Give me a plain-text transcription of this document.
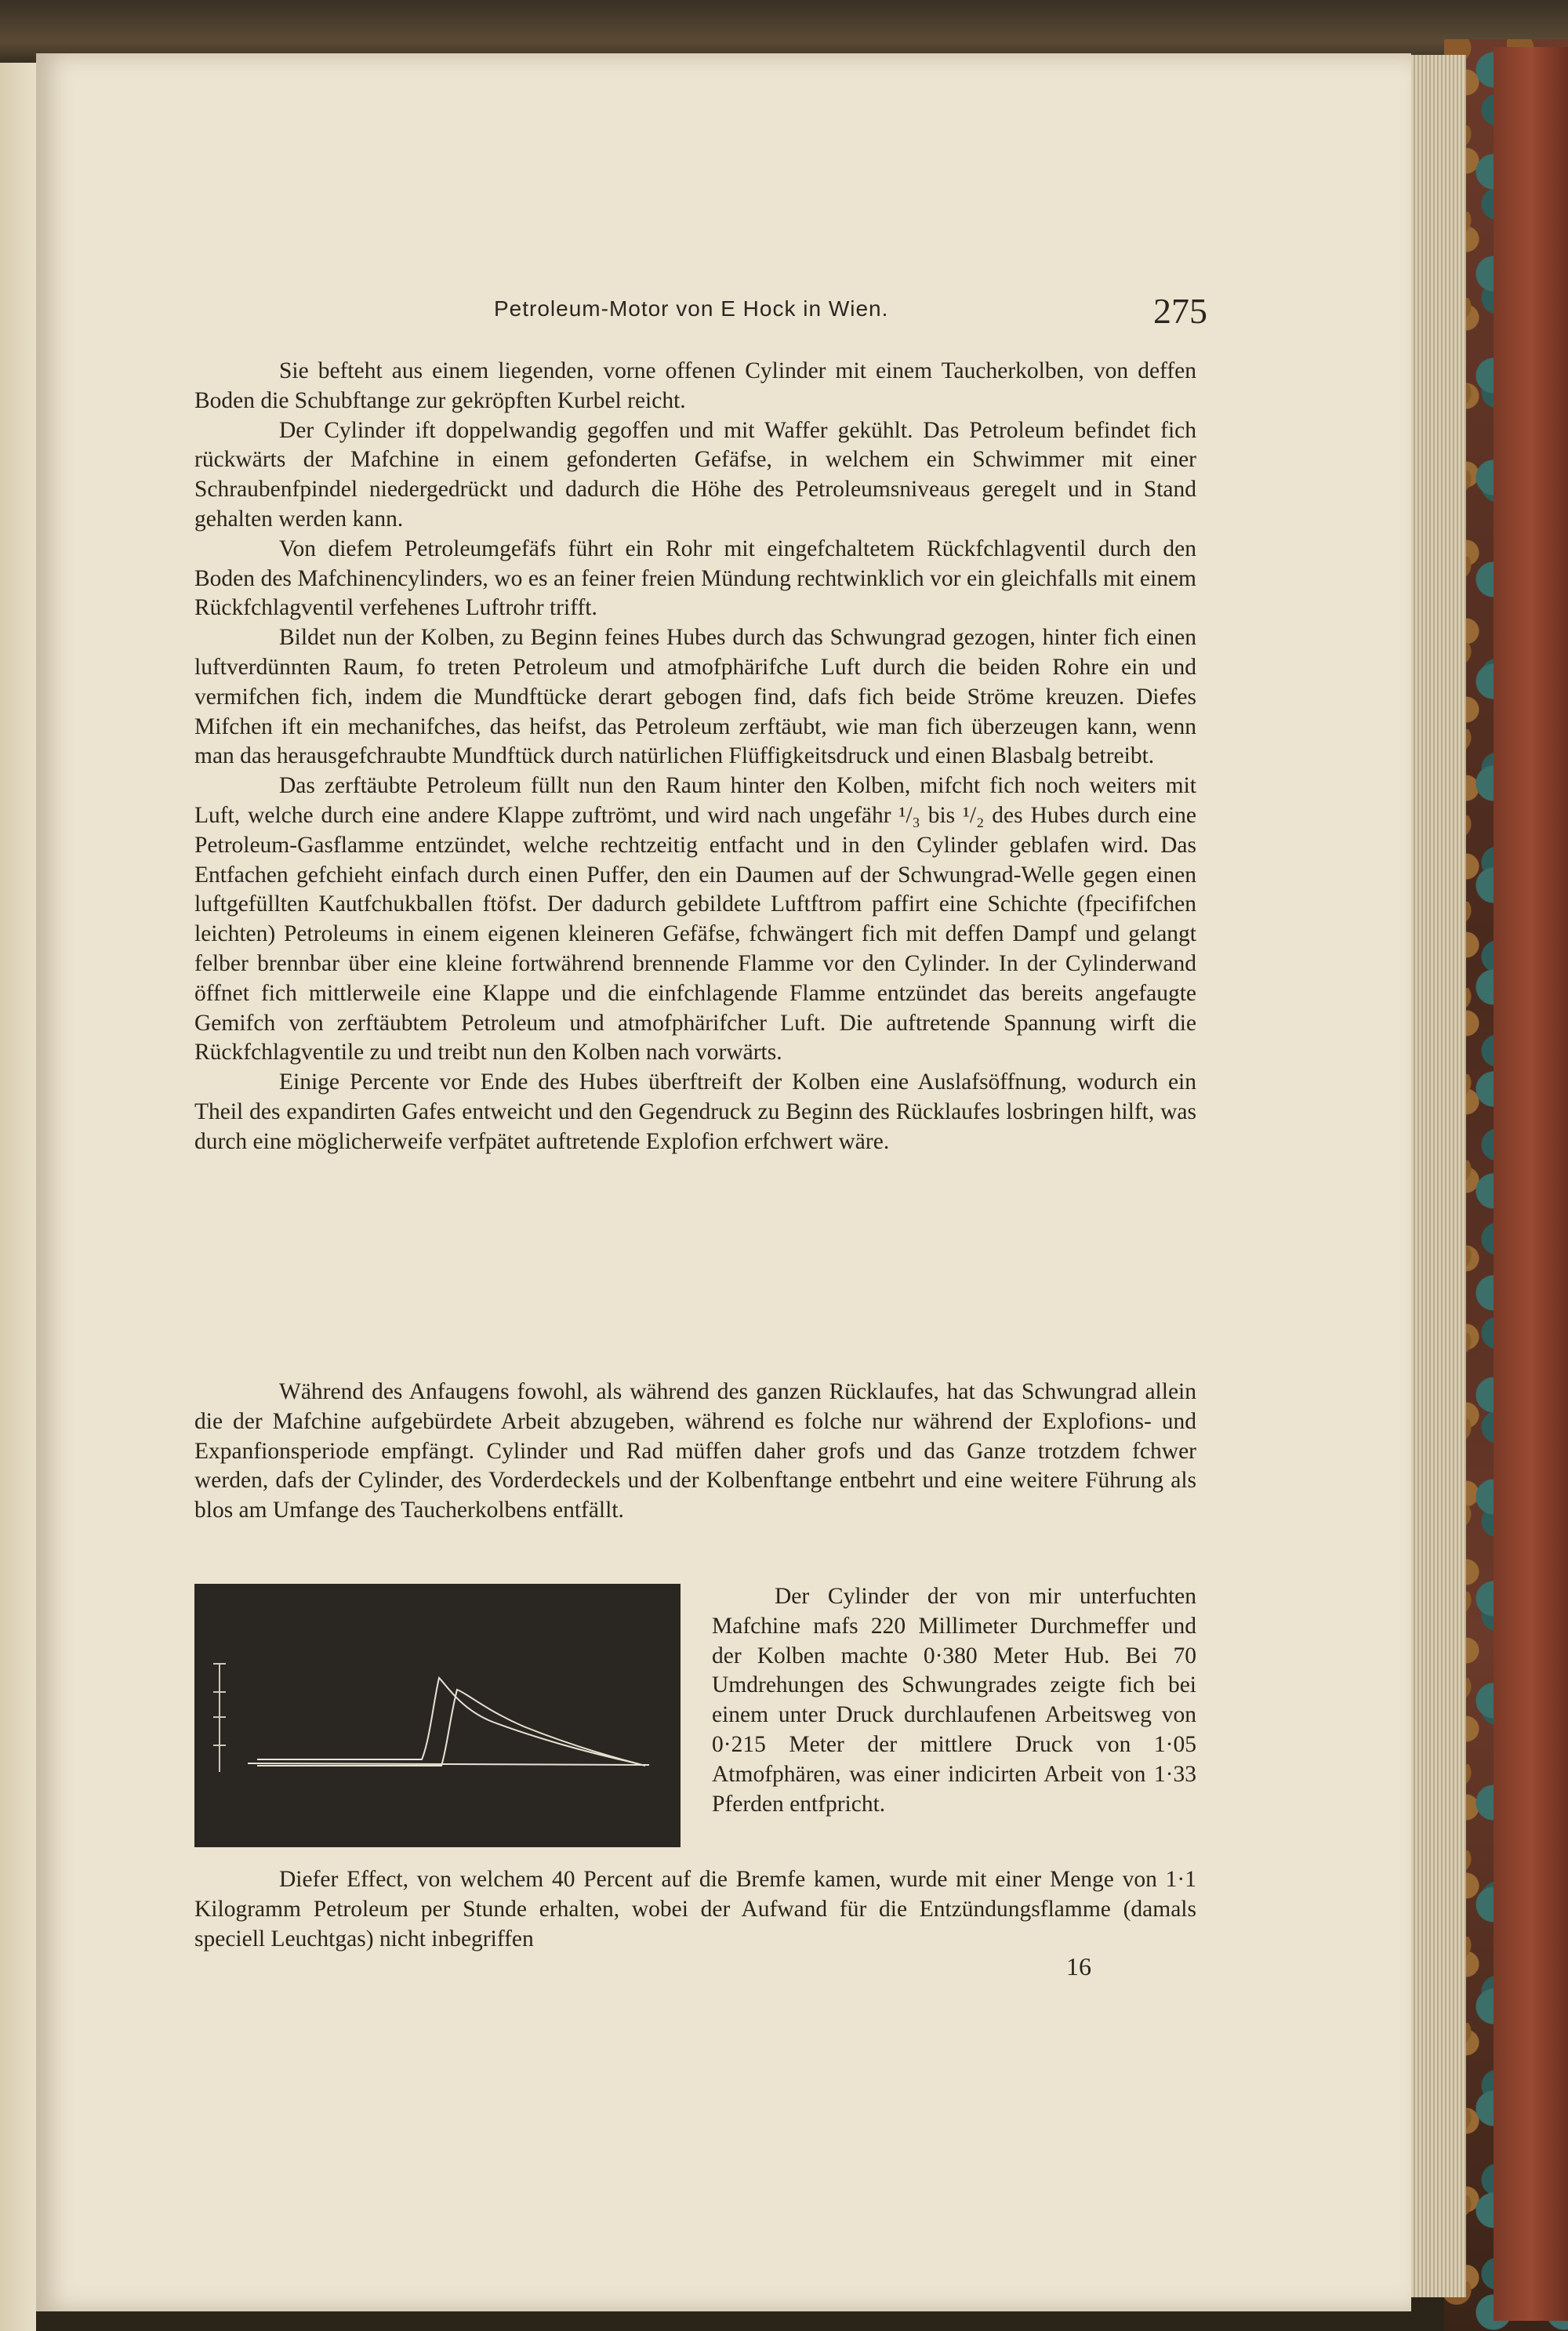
Petroleum-Motor von E Hock in Wien.	275

Sie befteht aus einem liegenden, vorne offenen Cylinder mit einem Taucherkolben, von deffen Boden die Schubftange zur gekröpften Kurbel reicht.

Der Cylinder ift doppelwandig gegoffen und mit Waffer gekühlt. Das Petroleum befindet fich rückwärts der Mafchine in einem gefonderten Gefäfse, in welchem ein Schwimmer mit einer Schraubenfpindel niedergedrückt und dadurch die Höhe des Petroleumsniveaus geregelt und in Stand gehalten werden kann.

Von diefem Petroleumgefäfs führt ein Rohr mit eingefchaltetem Rückfchlagventil durch den Boden des Mafchinencylinders, wo es an feiner freien Mündung rechtwinklich vor ein gleichfalls mit einem Rückfchlagventil verfehenes Luftrohr trifft.

Bildet nun der Kolben, zu Beginn feines Hubes durch das Schwungrad gezogen, hinter fich einen luftverdünnten Raum, fo treten Petroleum und atmofphärifche Luft durch die beiden Rohre ein und vermifchen fich, indem die Mundftücke derart gebogen find, dafs fich beide Ströme kreuzen. Diefes Mifchen ift ein mechanifches, das heifst, das Petroleum zerftäubt, wie man fich überzeugen kann, wenn man das herausgefchraubte Mundftück durch natürlichen Flüffigkeitsdruck und einen Blasbalg betreibt.

Das zerftäubte Petroleum füllt nun den Raum hinter den Kolben, mifcht fich noch weiters mit Luft, welche durch eine andere Klappe zuftrömt, und wird nach ungefähr ¹/₃ bis ¹/₂ des Hubes durch eine Petroleum-Gasflamme entzündet, welche rechtzeitig entfacht und in den Cylinder geblafen wird. Das Entfachen gefchieht einfach durch einen Puffer, den ein Daumen auf der Schwungrad-Welle gegen einen luftgefüllten Kautfchukballen ftöfst. Der dadurch gebildete Luftftrom paffirt eine Schichte (fpecififchen leichten) Petroleums in einem eigenen kleineren Gefäfse, fchwängert fich mit deffen Dampf und gelangt felber brennbar über eine kleine fortwährend brennende Flamme vor den Cylinder. In der Cylinderwand öffnet fich mittlerweile eine Klappe und die einfchlagende Flamme entzündet das bereits angefaugte Gemifch von zerftäubtem Petroleum und atmofphärifcher Luft. Die auftretende Spannung wirft die Rückfchlagventile zu und treibt nun den Kolben nach vorwärts.

Einige Percente vor Ende des Hubes überftreift der Kolben eine Auslafsöffnung, wodurch ein Theil des expandirten Gafes entweicht und den Gegendruck zu Beginn des Rücklaufes losbringen hilft, was durch eine möglicherweife verfpätet auftretende Explofion erfchwert wäre.

Während des Anfaugens fowohl, als während des ganzen Rücklaufes, hat das Schwungrad allein die der Mafchine aufgebürdete Arbeit abzugeben, während es folche nur während der Explofions- und Expanfionsperiode empfängt. Cylinder und Rad müffen daher grofs und das Ganze trotzdem fchwer werden, dafs der Cylinder, des Vorderdeckels und der Kolbenftange entbehrt und eine weitere Führung als blos am Umfange des Taucherkolbens entfällt.

Der Cylinder der von mir unterfuchten Mafchine mafs 220 Millimeter Durchmeffer und der Kolben machte 0·380 Meter Hub. Bei 70 Umdrehungen des Schwungrades zeigte fich bei einem unter Druck durchlaufenen Arbeitsweg von 0·215 Meter der mittlere Druck von 1·05 Atmofphären, was einer indicirten Arbeit von 1·33 Pferden entfpricht.

Diefer Effect, von welchem 40 Percent auf die Bremfe kamen, wurde mit einer Menge von 1·1 Kilogramm Petroleum per Stunde erhalten, wobei der Aufwand für die Entzündungsflamme (damals speciell Leuchtgas) nicht inbegriffen

16
